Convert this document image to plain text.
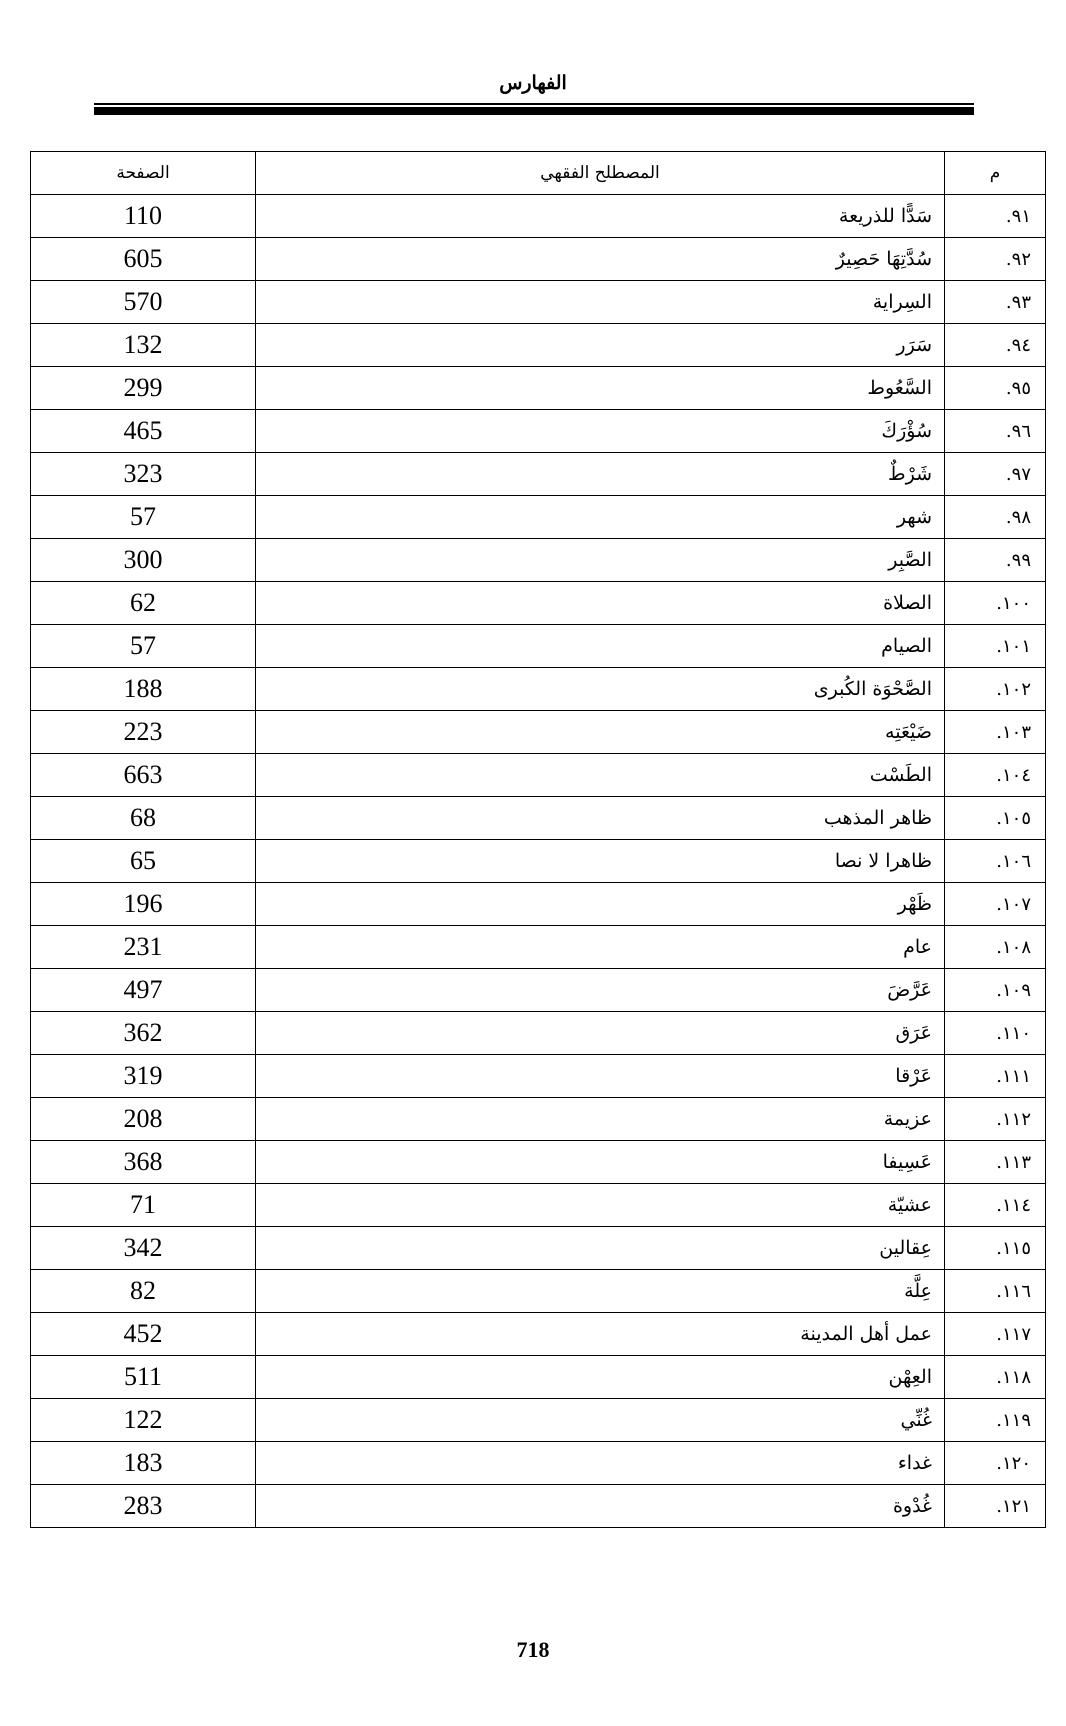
الفهارس
الصفحة	المصطلح الفقهي	م
110	سَدًّا للذريعة	٩١.
605	سُدَّتِهَا حَصِيرٌ	٩٢.
570	السِراية	٩٣.
132	سَرَر	٩٤.
299	السَّعُوط	٩٥.
465	سُؤْرَكَ	٩٦.
323	شَرْطٌ	٩٧.
57	شهر	٩٨.
300	الصَّبِر	٩٩.
62	الصلاة	١٠٠.
57	الصيام	١٠١.
188	الصَّحْوَة الكُبرى	١٠٢.
223	ضَيْعَتِه	١٠٣.
663	الطَسْت	١٠٤.
68	ظاهر المذهب	١٠٥.
65	ظاهرا لا نصا	١٠٦.
196	ظَهْر	١٠٧.
231	عام	١٠٨.
497	عَرَّضَ	١٠٩.
362	عَرَق	١١٠.
319	عَرْقا	١١١.
208	عزيمة	١١٢.
368	عَسِيفا	١١٣.
71	عشيّة	١١٤.
342	عِقالين	١١٥.
82	عِلَّة	١١٦.
452	عمل أهل المدينة	١١٧.
511	العِهْن	١١٨.
122	غُنِّي	١١٩.
183	غداء	١٢٠.
283	غُدْوة	١٢١.
718
